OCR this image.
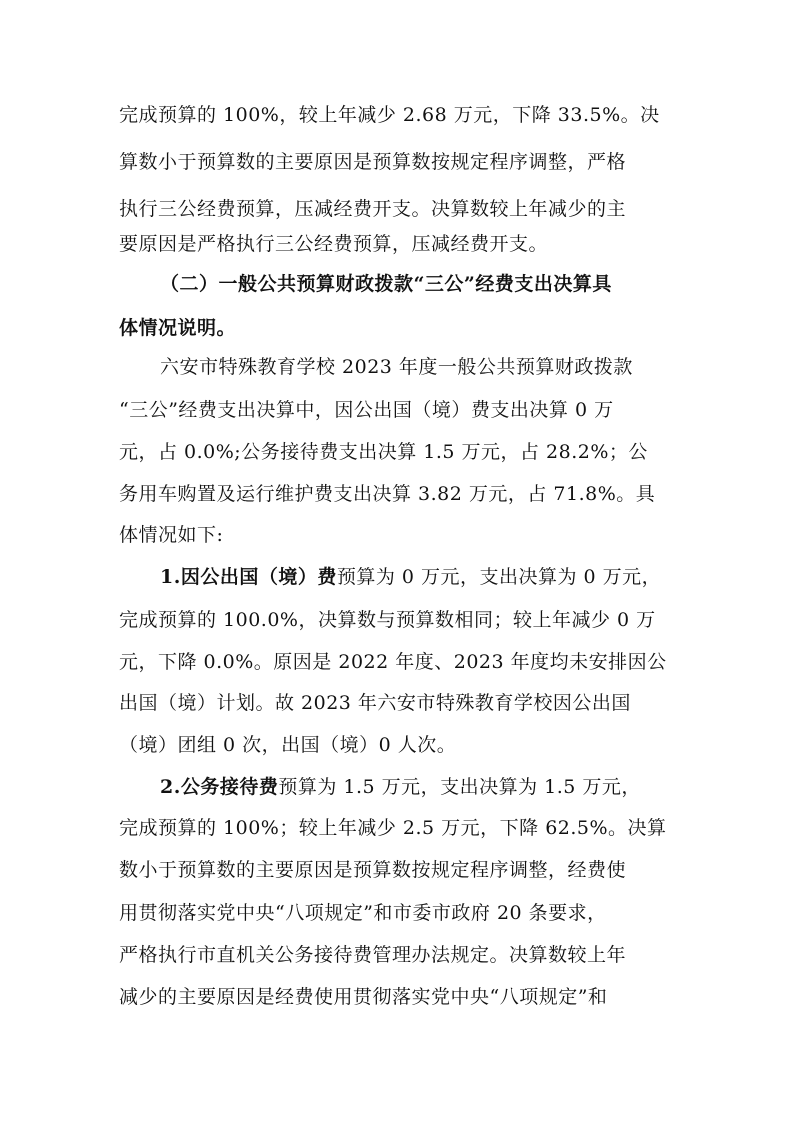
完成预算的 100%，较上年减少 2.68 万元，下降 33.5%。决
算数小于预算数的主要原因是预算数按规定程序调整，严格
执行三公经费预算，压减经费开支。决算数较上年减少的主
要原因是严格执行三公经费预算，压减经费开支。
（二）一般公共预算财政拨款“三公”经费支出决算具
体情况说明。
六安市特殊教育学校 2023 年度一般公共预算财政拨款
“三公”经费支出决算中，因公出国（境）费支出决算 0 万
元，占 0.0%;公务接待费支出决算 1.5 万元，占 28.2%；公
务用车购置及运行维护费支出决算 3.82 万元，占 71.8%。具
体情况如下:
1.因公出国（境）费预算为 0 万元，支出决算为 0 万元，
完成预算的 100.0%，决算数与预算数相同；较上年减少 0 万
元，下降 0.0%。原因是 2022 年度、2023 年度均未安排因公
出国（境）计划。故 2023 年六安市特殊教育学校因公出国
（境）团组 0 次，出国（境）0 人次。
2.公务接待费预算为 1.5 万元，支出决算为 1.5 万元，
完成预算的 100%；较上年减少 2.5 万元，下降 62.5%。决算
数小于预算数的主要原因是预算数按规定程序调整，经费使
用贯彻落实党中央“八项规定”和市委市政府 20 条要求，
严格执行市直机关公务接待费管理办法规定。决算数较上年
减少的主要原因是经费使用贯彻落实党中央“八项规定”和
